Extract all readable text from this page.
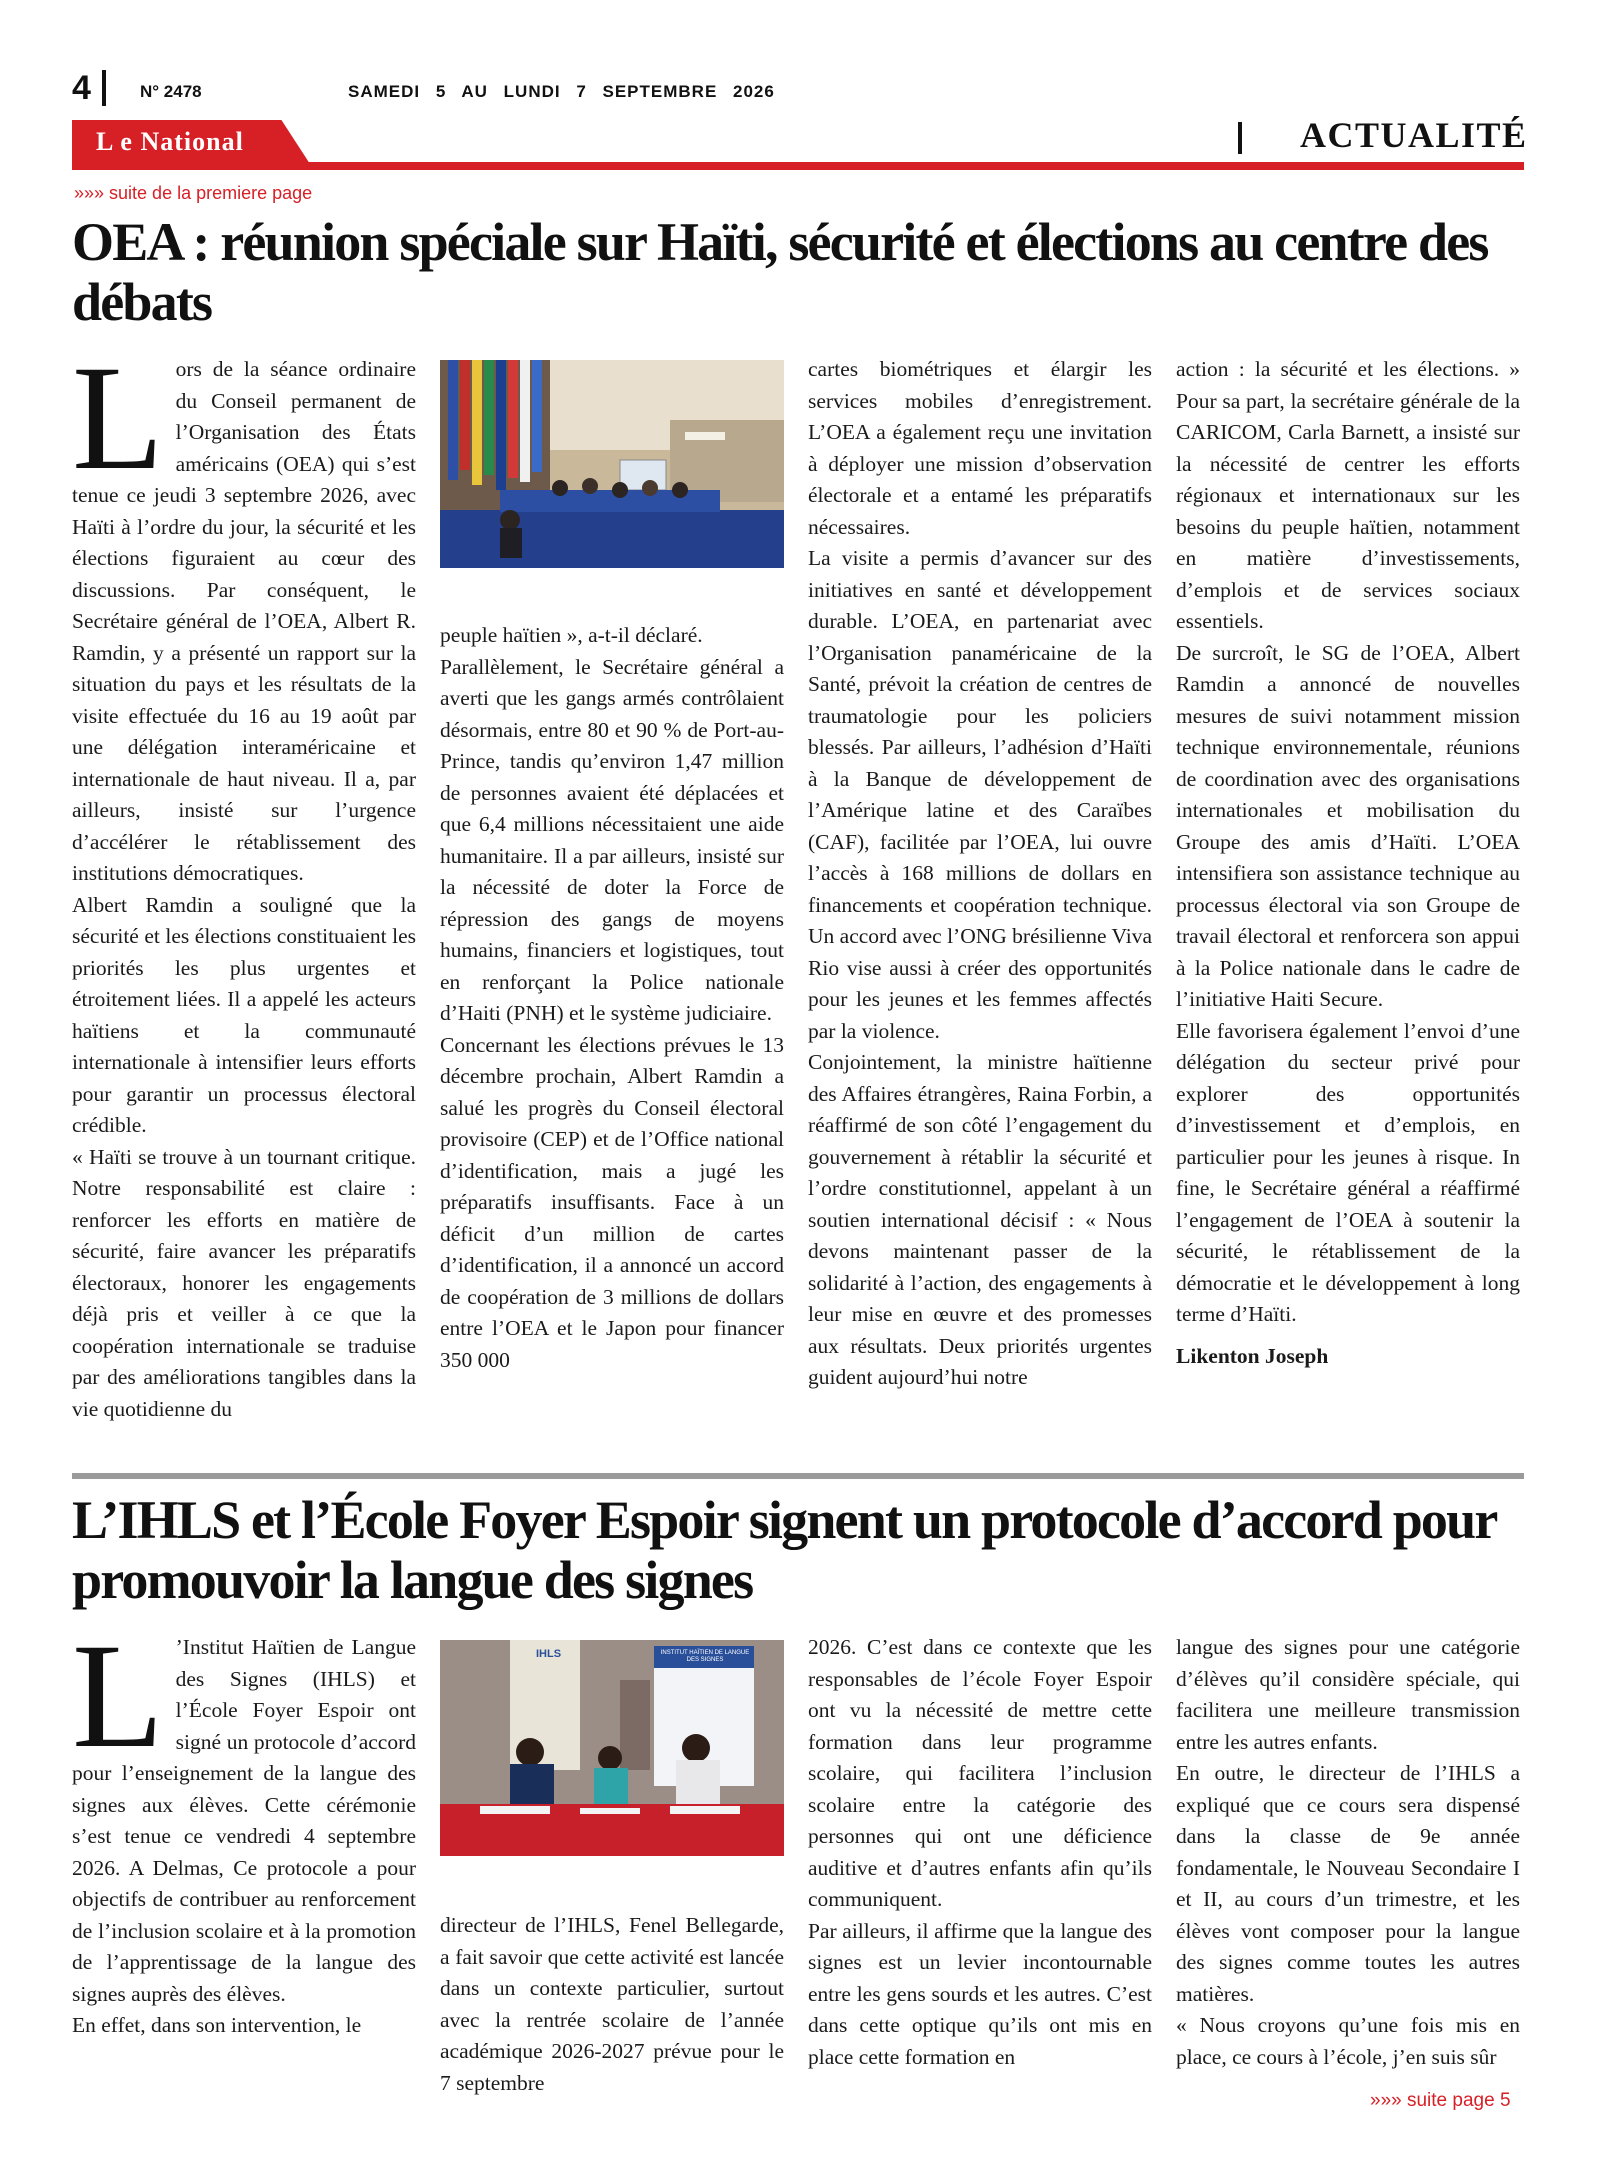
4	N° 2478	SAMEDI 5 AU LUNDI 7 SEPTEMBRE 2026
L e National	ACTUALITÉ
»»» suite de la premiere page
OEA : réunion spéciale sur Haïti, sécurité et élections au centre des débats
L ors de la séance ordinaire du Conseil permanent de l’Organisation des États américains (OEA) qui s’est tenue ce jeudi 3 septembre 2026, avec Haïti à l’ordre du jour, la sécurité et les élections figuraient au cœur des discussions. Par conséquent, le Secrétaire général de l’OEA, Albert R. Ramdin, y a présenté un rapport sur la situation du pays et les résultats de la visite effectuée du 16 au 19 août par une délégation interaméricaine et internationale de haut niveau. Il a, par ailleurs, insisté sur l’urgence d’accélérer le rétablissement des institutions démocratiques.

Albert Ramdin a souligné que la sécurité et les élections constituaient les priorités les plus urgentes et étroitement liées. Il a appelé les acteurs haïtiens et la communauté internationale à intensifier leurs efforts pour garantir un processus électoral crédible.

« Haïti se trouve à un tournant critique. Notre responsabilité est claire : renforcer les efforts en matière de sécurité, faire avancer les préparatifs électoraux, honorer les engagements déjà pris et veiller à ce que la coopération internationale se traduise par des améliorations tangibles dans la vie quotidienne du

peuple haïtien », a-t-il déclaré.

Parallèlement, le Secrétaire général a averti que les gangs armés contrôlaient désormais, entre 80 et 90 % de Port-au-Prince, tandis qu’environ 1,47 million de personnes avaient été déplacées et que 6,4 millions nécessitaient une aide humanitaire. Il a par ailleurs, insisté sur la nécessité de doter la Force de répression des gangs de moyens humains, financiers et logistiques, tout en renforçant la Police nationale d’Haiti (PNH) et le système judiciaire.

Concernant les élections prévues le 13 décembre prochain, Albert Ramdin a salué les progrès du Conseil électoral provisoire (CEP) et de l’Office national d’identification, mais a jugé les préparatifs insuffisants. Face à un déficit d’un million de cartes d’identification, il a annoncé un accord de coopération de 3 millions de dollars entre l’OEA et le Japon pour financer 350 000

cartes biométriques et élargir les services mobiles d’enregistrement. L’OEA a également reçu une invitation à déployer une mission d’observation électorale et a entamé les préparatifs nécessaires.

La visite a permis d’avancer sur des initiatives en santé et développement durable. L’OEA, en partenariat avec l’Organisation panaméricaine de la Santé, prévoit la création de centres de traumatologie pour les policiers blessés. Par ailleurs, l’adhésion d’Haïti à la Banque de développement de l’Amérique latine et des Caraïbes (CAF), facilitée par l’OEA, lui ouvre l’accès à 168 millions de dollars en financements et coopération technique. Un accord avec l’ONG brésilienne Viva Rio vise aussi à créer des opportunités pour les jeunes et les femmes affectés par la violence.

Conjointement, la ministre haïtienne des Affaires étrangères, Raina Forbin, a réaffirmé de son côté l’engagement du gouvernement à rétablir la sécurité et l’ordre constitutionnel, appelant à un soutien international décisif : « Nous devons maintenant passer de la solidarité à l’action, des engagements à leur mise en œuvre et des promesses aux résultats. Deux priorités urgentes guident aujourd’hui notre

action : la sécurité et les élections. » Pour sa part, la secrétaire générale de la CARICOM, Carla Barnett, a insisté sur la nécessité de centrer les efforts régionaux et internationaux sur les besoins du peuple haïtien, notamment en matière d’investissements, d’emplois et de services sociaux essentiels.

De surcroît, le SG de l’OEA, Albert Ramdin a annoncé de nouvelles mesures de suivi notamment mission technique environnementale, réunions de coordination avec des organisations internationales et mobilisation du Groupe des amis d’Haïti. L’OEA intensifiera son assistance technique au processus électoral via son Groupe de travail électoral et renforcera son appui à la Police nationale dans le cadre de l’initiative Haiti Secure.

Elle favorisera également l’envoi d’une délégation du secteur privé pour explorer des opportunités d’investissement et d’emplois, en particulier pour les jeunes à risque. In fine, le Secrétaire général a réaffirmé l’engagement de l’OEA à soutenir la sécurité, le rétablissement de la démocratie et le développement à long terme d’Haïti.

Likenton Joseph

L’IHLS et l’École Foyer Espoir signent un protocole d’accord pour promouvoir la langue des signes
L ’Institut Haïtien de Langue des Signes (IHLS) et l’École Foyer Espoir ont signé un protocole d’accord pour l’enseignement de la langue des signes aux élèves. Cette cérémonie s’est tenue ce vendredi 4 septembre 2026. A Delmas, Ce protocole a pour objectifs de contribuer au renforcement de l’inclusion scolaire et à la promotion de l’apprentissage de la langue des signes auprès des élèves.

En effet, dans son intervention, le

IHLS	INSTITUT HAÏTIEN DE LANGUE DES SIGNES

directeur de l’IHLS, Fenel Bellegarde, a fait savoir que cette activité est lancée dans un contexte particulier, surtout avec la rentrée scolaire de l’année académique 2026-2027 prévue pour le 7 septembre

2026. C’est dans ce contexte que les responsables de l’école Foyer Espoir ont vu la nécessité de mettre cette formation dans leur programme scolaire, qui facilitera l’inclusion scolaire entre la catégorie des personnes qui ont une déficience auditive et d’autres enfants afin qu’ils communiquent.

Par ailleurs, il affirme que la langue des signes est un levier incontournable entre les gens sourds et les autres. C’est dans cette optique qu’ils ont mis en place cette formation en

langue des signes pour une catégorie d’élèves qu’il considère spéciale, qui facilitera une meilleure transmission entre les autres enfants.

En outre, le directeur de l’IHLS a expliqué que ce cours sera dispensé dans la classe de 9e année fondamentale, le Nouveau Secondaire I et II, au cours d’un trimestre, et les élèves vont composer pour la langue des signes comme toutes les autres matières.

« Nous croyons qu’une fois mis en place, ce cours à l’école, j’en suis sûr

»»» suite page 5
